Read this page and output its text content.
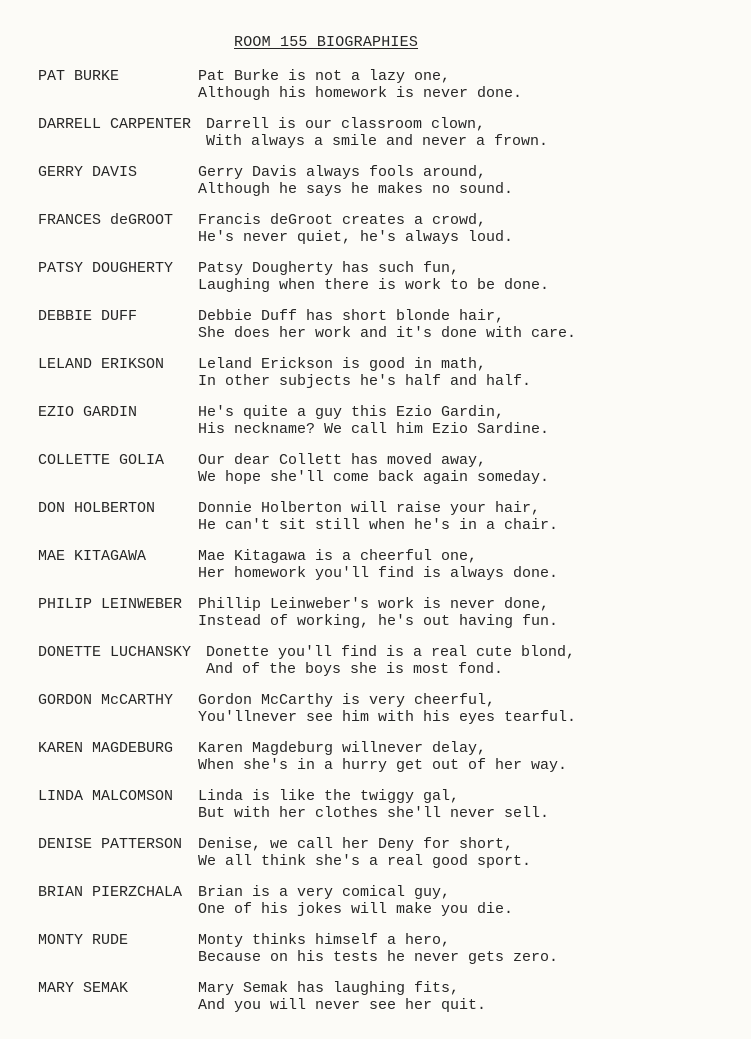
ROOM 155 BIOGRAPHIES
PAT BURKE	Pat Burke is not a lazy one,
Although his homework is never done.
DARRELL CARPENTER Darrell is our classroom clown,
With always a smile and never a frown.
GERRY DAVIS	Gerry Davis always fools around,
Although he says he makes no sound.
FRANCES deGROOT Francis deGroot creates a crowd,
He's never quiet, he's always loud.
PATSY DOUGHERTY Patsy Dougherty has such fun,
Laughing when there is work to be done.
DEBBIE DUFF	Debbie Duff has short blonde hair,
She does her work and it's done with care.
LELAND ERIKSON Leland Erickson is good in math,
In other subjects he's half and half.
EZIO GARDIN	He's quite a guy this Ezio Gardin,
His neckname? We call him Ezio Sardine.
COLLETTE GOLIA Our dear Collett has moved away,
We hope she'll come back again someday.
DON HOLBERTON	Donnie Holberton will raise your hair,
He can't sit still when he's in a chair.
MAE KITAGAWA	Mae Kitagawa is a cheerful one,
Her homework you'll find is always done.
PHILIP LEINWEBER Phillip Leinweber's work is never done,
Instead of working, he's out having fun.
DONETTE LUCHANSKY Donette you'll find is a real cute blond,
And of the boys she is most fond.
GORDON McCARTHY Gordon McCarthy is very cheerful,
You'llnever see him with his eyes tearful.
KAREN MAGDEBURG Karen Magdeburg willnever delay,
When she's in a hurry get out of her way.
LINDA MALCOMSON Linda is like the twiggy gal,
But with her clothes she'll never sell.
DENISE PATTERSON Denise, we call her Deny for short,
We all think she's a real good sport.
BRIAN PIERZCHALA Brian is a very comical guy,
One of his jokes will make you die.
MONTY RUDE	Monty thinks himself a hero,
Because on his tests he never gets zero.
MARY SEMAK	Mary Semak has laughing fits,
And you will never see her quit.
